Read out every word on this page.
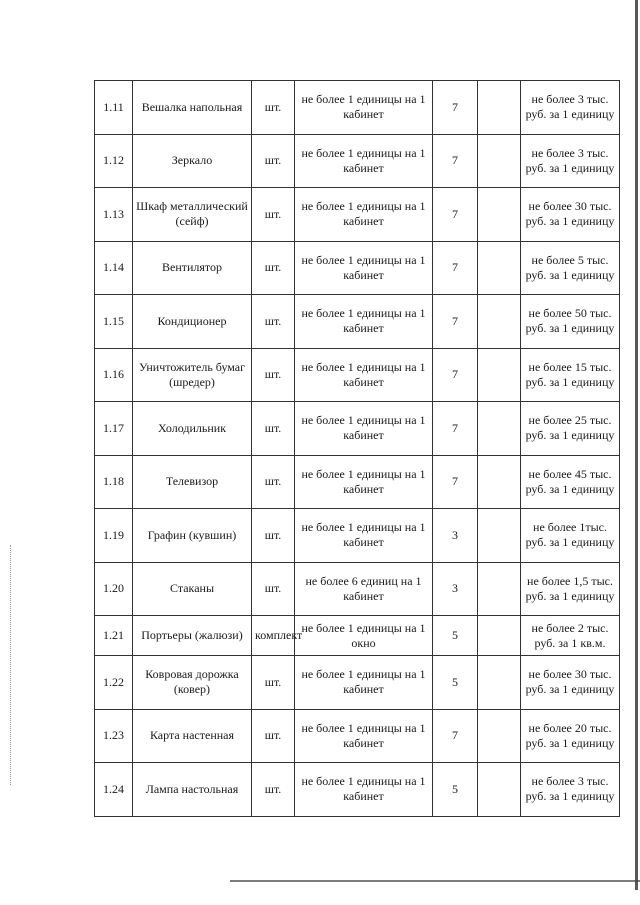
1.11	Вешалка напольная	шт.	не более 1 единицы на 1 кабинет	7		не более 3 тыс. руб. за 1 единицу
1.12	Зеркало	шт.	не более 1 единицы на 1 кабинет	7		не более 3 тыс. руб. за 1 единицу
1.13	Шкаф металлический (сейф)	шт.	не более 1 единицы на 1 кабинет	7		не более 30 тыс. руб. за 1 единицу
1.14	Вентилятор	шт.	не более 1 единицы на 1 кабинет	7		не более 5 тыс. руб. за 1 единицу
1.15	Кондиционер	шт.	не более 1 единицы на 1 кабинет	7		не более 50 тыс. руб. за 1 единицу
1.16	Уничтожитель бумаг (шредер)	шт.	не более 1 единицы на 1 кабинет	7		не более 15 тыс. руб. за 1 единицу
1.17	Холодильник	шт.	не более 1 единицы на 1 кабинет	7		не более 25 тыс. руб. за 1 единицу
1.18	Телевизор	шт.	не более 1 единицы на 1 кабинет	7		не более 45 тыс. руб. за 1 единицу
1.19	Графин (кувшин)	шт.	не более 1 единицы на 1 кабинет	3		не более 1тыс. руб. за 1 единицу
1.20	Стаканы	шт.	не более 6 единиц на 1 кабинет	3		не более 1,5 тыс. руб. за 1 единицу
1.21	Портьеры (жалюзи)	комплект	не более 1 единицы на 1 окно	5		не более 2 тыс. руб. за 1 кв.м.
1.22	Ковровая дорожка (ковер)	шт.	не более 1 единицы на 1 кабинет	5		не более 30 тыс. руб. за 1 единицу
1.23	Карта настенная	шт.	не более 1 единицы на 1 кабинет	7		не более 20 тыс. руб. за 1 единицу
1.24	Лампа настольная	шт.	не более 1 единицы на 1 кабинет	5		не более 3 тыс. руб. за 1 единицу
